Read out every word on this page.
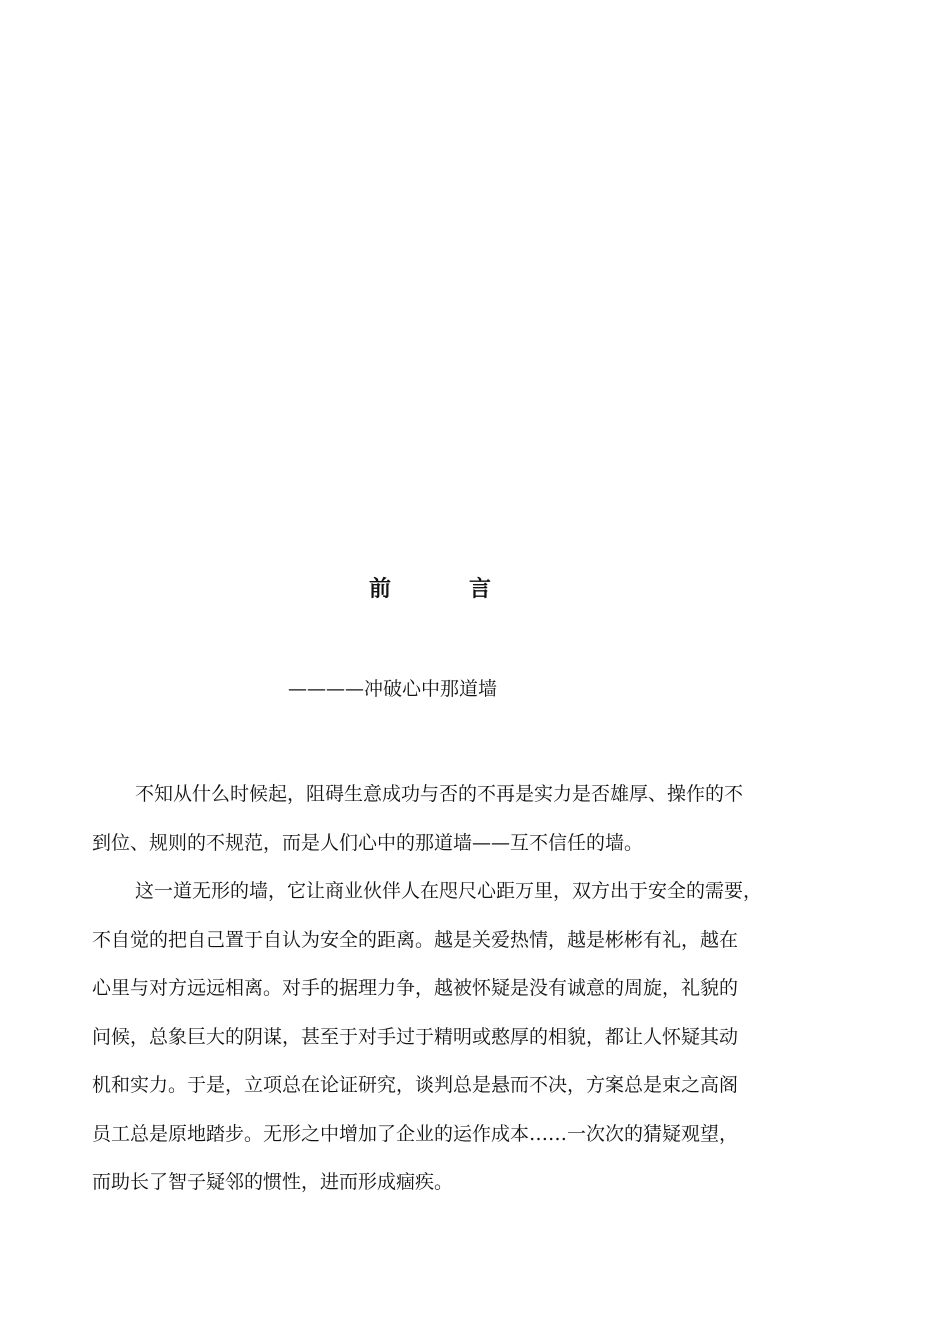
前　言
————冲破心中那道墙

不知从什么时候起，阻碍生意成功与否的不再是实力是否雄厚、操作的不
到位、规则的不规范，而是人们心中的那道墙——互不信任的墙。

这一道无形的墙，它让商业伙伴人在咫尺心距万里，双方出于安全的需要，
不自觉的把自己置于自认为安全的距离。越是关爱热情，越是彬彬有礼，越在
心里与对方远远相离。对手的据理力争，越被怀疑是没有诚意的周旋，礼貌的
问候，总象巨大的阴谋，甚至于对手过于精明或憨厚的相貌，都让人怀疑其动
机和实力。于是，立项总在论证研究，谈判总是悬而不决，方案总是束之高阁
员工总是原地踏步。无形之中增加了企业的运作成本……一次次的猜疑观望，
而助长了智子疑邻的惯性，进而形成痼疾。
